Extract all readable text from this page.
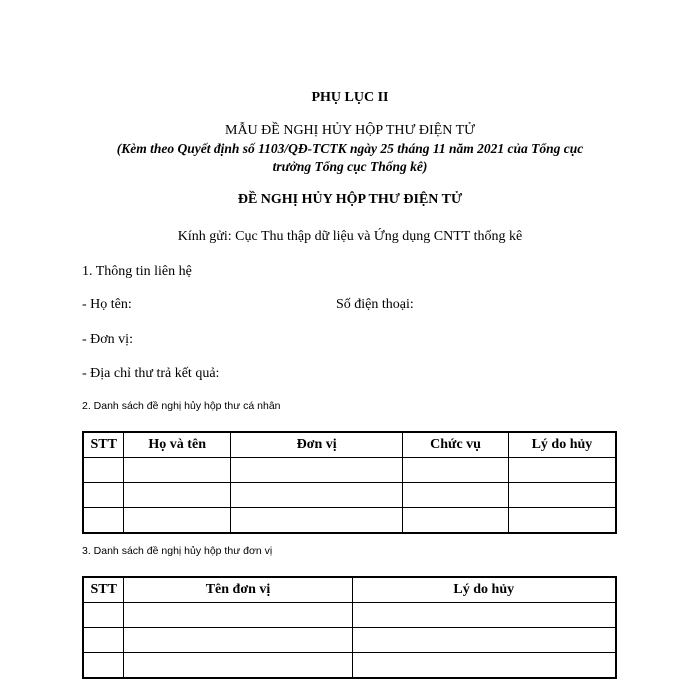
PHỤ LỤC II
MẪU ĐỀ NGHỊ HỦY HỘP THƯ ĐIỆN TỬ
(Kèm theo Quyết định số 1103/QĐ-TCTK ngày 25 tháng 11 năm 2021 của Tổng cục
trưởng Tổng cục Thống kê)
ĐỀ NGHỊ HỦY HỘP THƯ ĐIỆN TỬ
Kính gửi: Cục Thu thập dữ liệu và Ứng dụng CNTT thống kê
1. Thông tin liên hệ
- Họ tên:	Số điện thoại:
- Đơn vị:
- Địa chỉ thư trả kết quả:
2. Danh sách đề nghị hủy hộp thư cá nhân
STT	Họ và tên	Đơn vị	Chức vụ	Lý do hủy

3. Danh sách đề nghị hủy hộp thư đơn vị
STT	Tên đơn vị	Lý do hủy
